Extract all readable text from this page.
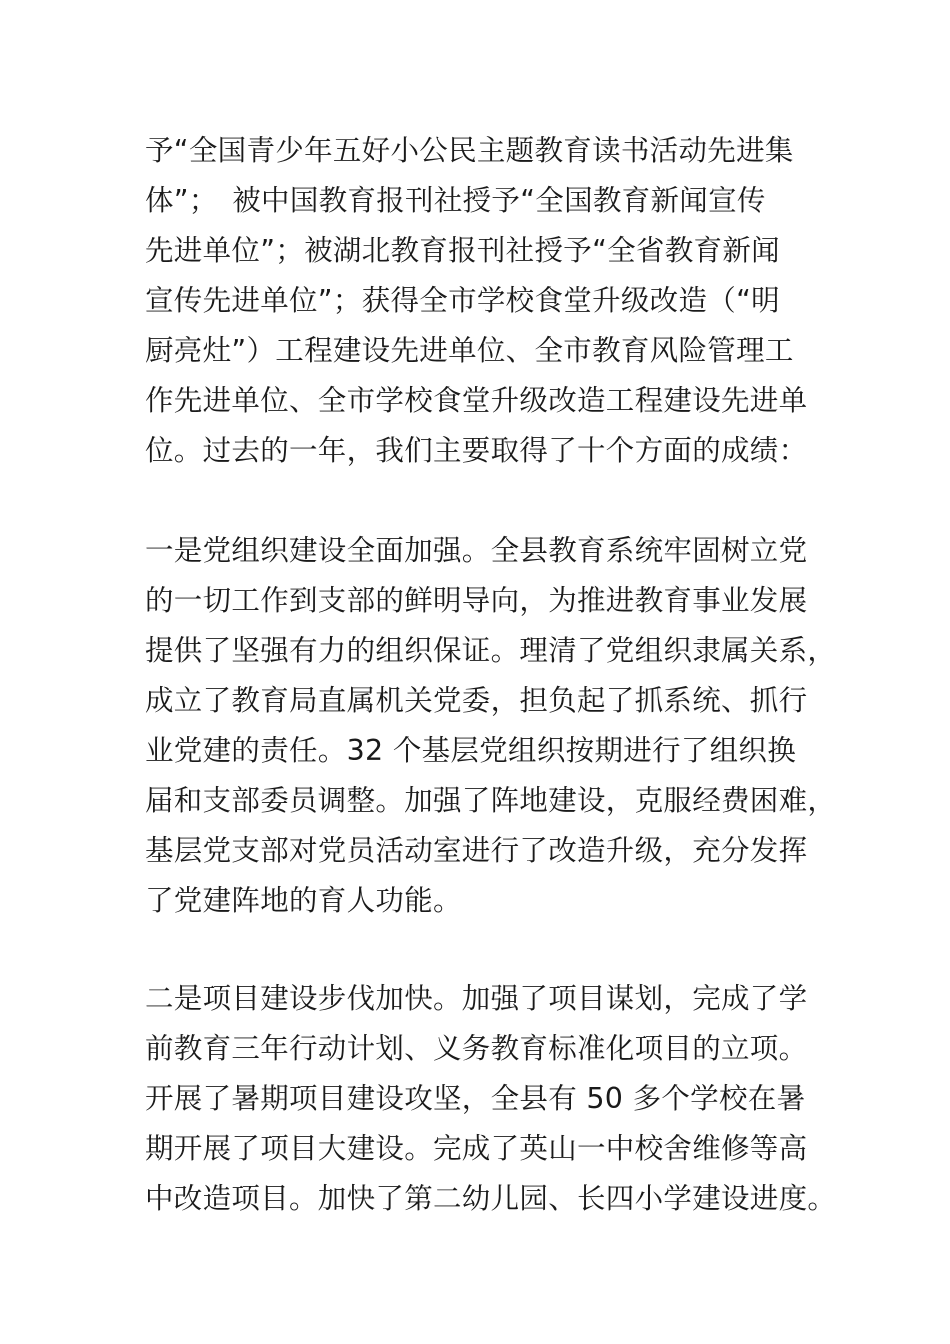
予“全国青少年五好小公民主题教育读书活动先进集
体”；　被中国教育报刊社授予“全国教育新闻宣传
先进单位”；被湖北教育报刊社授予“全省教育新闻
宣传先进单位”；获得全市学校食堂升级改造（“明
厨亮灶”）工程建设先进单位、全市教育风险管理工
作先进单位、全市学校食堂升级改造工程建设先进单
位。过去的一年，我们主要取得了十个方面的成绩：
一是党组织建设全面加强。全县教育系统牢固树立党
的一切工作到支部的鲜明导向，为推进教育事业发展
提供了坚强有力的组织保证。理清了党组织隶属关系，
成立了教育局直属机关党委，担负起了抓系统、抓行
业党建的责任。32 个基层党组织按期进行了组织换
届和支部委员调整。加强了阵地建设，克服经费困难，
基层党支部对党员活动室进行了改造升级，充分发挥
了党建阵地的育人功能。
二是项目建设步伐加快。加强了项目谋划，完成了学
前教育三年行动计划、义务教育标准化项目的立项。
开展了暑期项目建设攻坚，全县有 50 多个学校在暑
期开展了项目大建设。完成了英山一中校舍维修等高
中改造项目。加快了第二幼儿园、长四小学建设进度。
